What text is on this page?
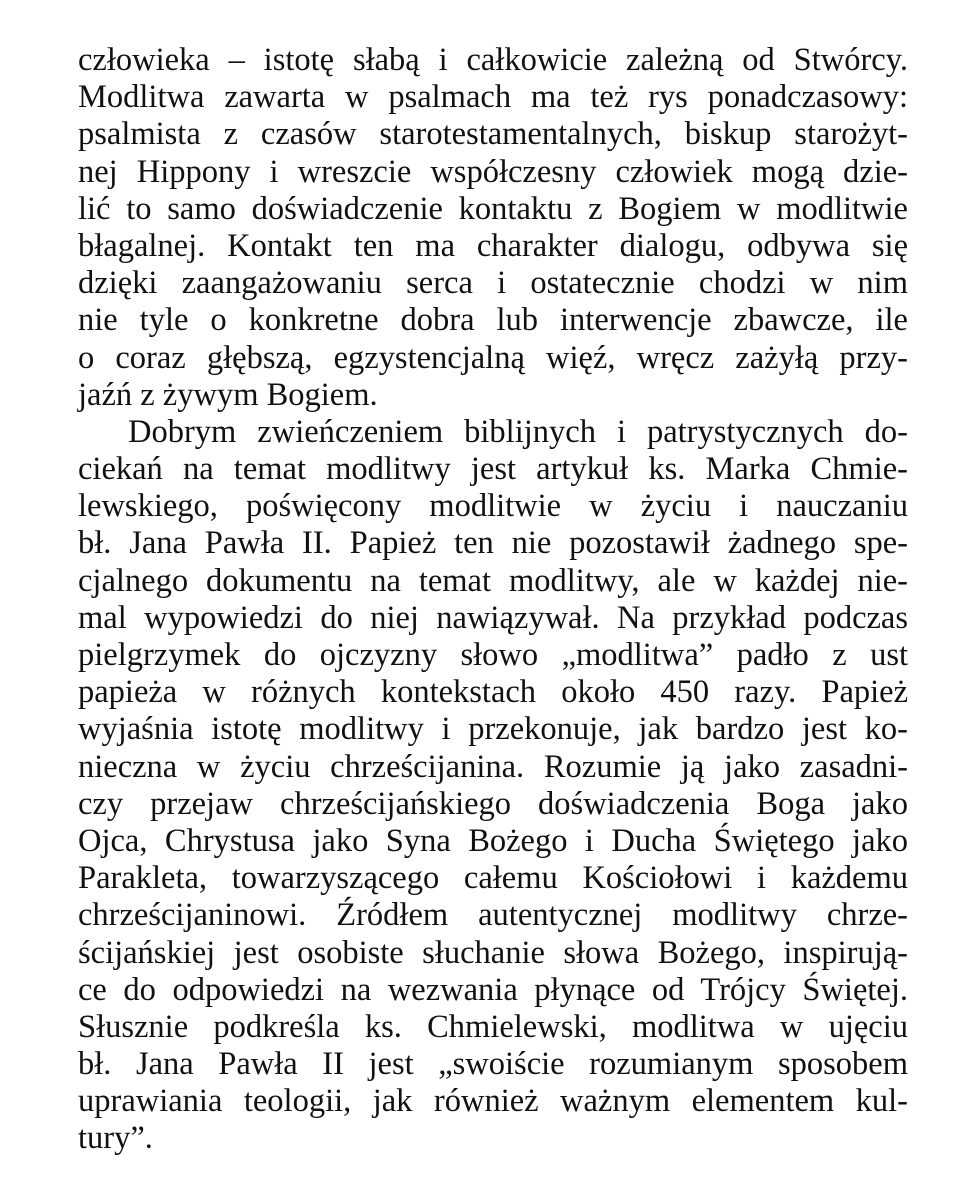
człowieka – istotę słabą i całkowicie zależną od Stwórcy.
Modlitwa zawarta w psalmach ma też rys ponadczasowy:
psalmista z czasów starotestamentalnych, biskup starożyt-
nej Hippony i wreszcie współczesny człowiek mogą dzie-
lić to samo doświadczenie kontaktu z Bogiem w modlitwie
błagalnej. Kontakt ten ma charakter dialogu, odbywa się
dzięki zaangażowaniu serca i ostatecznie chodzi w nim
nie tyle o konkretne dobra lub interwencje zbawcze, ile
o coraz głębszą, egzystencjalną więź, wręcz zażyłą przy-
jaźń z żywym Bogiem.
Dobrym zwieńczeniem biblijnych i patrystycznych do-
ciekań na temat modlitwy jest artykuł ks. Marka Chmie-
lewskiego, poświęcony modlitwie w życiu i nauczaniu
bł. Jana Pawła II. Papież ten nie pozostawił żadnego spe-
cjalnego dokumentu na temat modlitwy, ale w każdej nie-
mal wypowiedzi do niej nawiązywał. Na przykład podczas
pielgrzymek do ojczyzny słowo „modlitwa” padło z ust
papieża w różnych kontekstach około 450 razy. Papież
wyjaśnia istotę modlitwy i przekonuje, jak bardzo jest ko-
nieczna w życiu chrześcijanina. Rozumie ją jako zasadni-
czy przejaw chrześcijańskiego doświadczenia Boga jako
Ojca, Chrystusa jako Syna Bożego i Ducha Świętego jako
Parakleta, towarzyszącego całemu Kościołowi i każdemu
chrześcijaninowi. Źródłem autentycznej modlitwy chrze-
ścijańskiej jest osobiste słuchanie słowa Bożego, inspirują-
ce do odpowiedzi na wezwania płynące od Trójcy Świętej.
Słusznie podkreśla ks. Chmielewski, modlitwa w ujęciu
bł. Jana Pawła II jest „swoiście rozumianym sposobem
uprawiania teologii, jak również ważnym elementem kul-
tury”.
